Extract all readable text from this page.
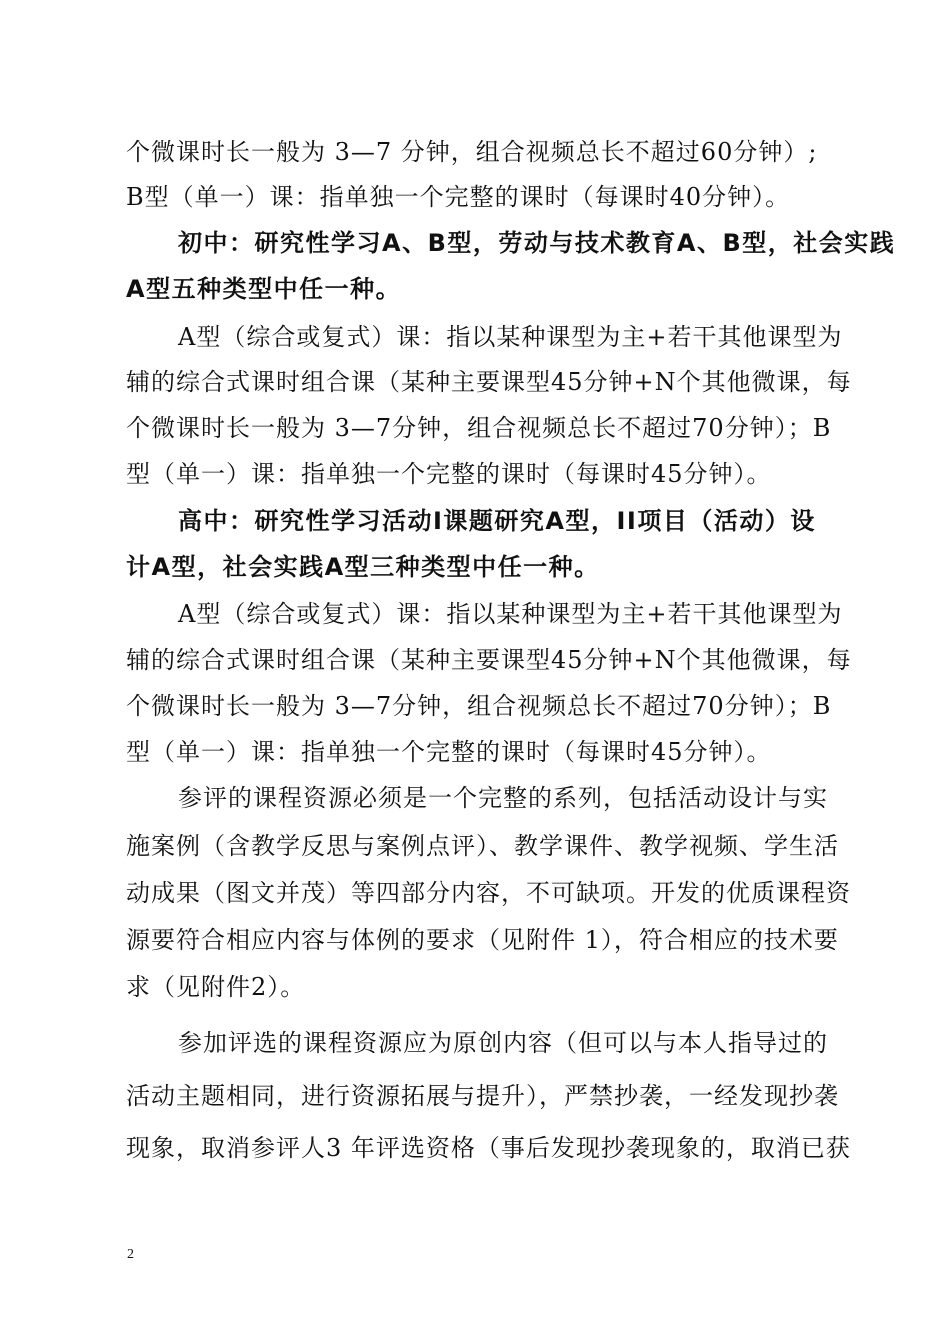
个微课时长一般为 3—7 分钟，组合视频总长不超过60分钟）;
B型（单一）课：指单独一个完整的课时（每课时40分钟）。
初中：研究性学习A、B型，劳动与技术教育A、B型，社会实践
A型五种类型中任一种。
A型（综合或复式）课：指以某种课型为主+若干其他课型为
辅的综合式课时组合课（某种主要课型45分钟+N个其他微课，每
个微课时长一般为 3—7分钟，组合视频总长不超过70分钟）；B
型（单一）课：指单独一个完整的课时（每课时45分钟）。
高中：研究性学习活动Ⅰ课题研究A型，II项目（活动）设
计A型，社会实践A型三种类型中任一种。
A型（综合或复式）课：指以某种课型为主+若干其他课型为
辅的综合式课时组合课（某种主要课型45分钟+N个其他微课，每
个微课时长一般为 3—7分钟，组合视频总长不超过70分钟）；B
型（单一）课：指单独一个完整的课时（每课时45分钟）。
参评的课程资源必须是一个完整的系列，包括活动设计与实
施案例（含教学反思与案例点评）、教学课件、教学视频、学生活
动成果（图文并茂）等四部分内容，不可缺项。开发的优质课程资
源要符合相应内容与体例的要求（见附件 1），符合相应的技术要
求（见附件2）。
参加评选的课程资源应为原创内容（但可以与本人指导过的
活动主题相同，进行资源拓展与提升），严禁抄袭，一经发现抄袭
现象，取消参评人3 年评选资格（事后发现抄袭现象的，取消已获
2
